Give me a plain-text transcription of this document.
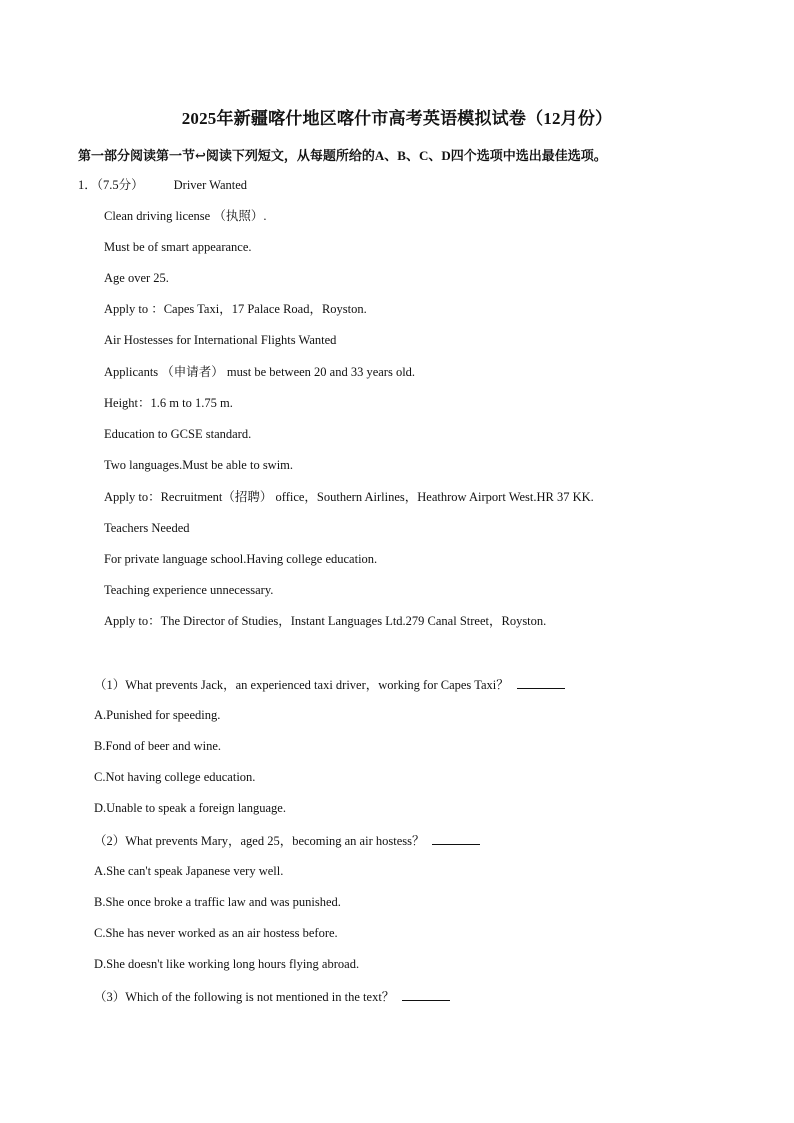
2025年新疆喀什地区喀什市高考英语模拟试卷（12月份）
第一部分阅读第一节↩阅读下列短文，从每题所给的A、B、C、D四个选项中选出最佳选项。
1．（7.5分） Driver Wanted
Clean driving license （执照）.
Must be of smart appearance.
Age over 25.
Apply to ：Capes Taxi，17 Palace Road，Royston.
Air Hostesses for International Flights Wanted
Applicants （申请者） must be between 20 and 33 years old.
Height：1.6 m to 1.75 m.
Education to GCSE standard.
Two languages.Must be able to swim.
Apply to：Recruitment（招聘） office，Southern Airlines，Heathrow Airport West.HR 37 KK.
Teachers Needed
For private language school.Having college education.
Teaching experience unnecessary.
Apply to：The Director of Studies，Instant Languages Ltd.279 Canal Street，Royston.
（1）What prevents Jack，an experienced taxi driver，working for Capes Taxi？
A.Punished for speeding.
B.Fond of beer and wine.
C.Not having college education.
D.Unable to speak a foreign language.
（2）What prevents Mary，aged 25，becoming an air hostess？
A.She can't speak Japanese very well.
B.She once broke a traffic law and was punished.
C.She has never worked as an air hostess before.
D.She doesn't like working long hours flying abroad.
（3）Which of the following is not mentioned in the text？
